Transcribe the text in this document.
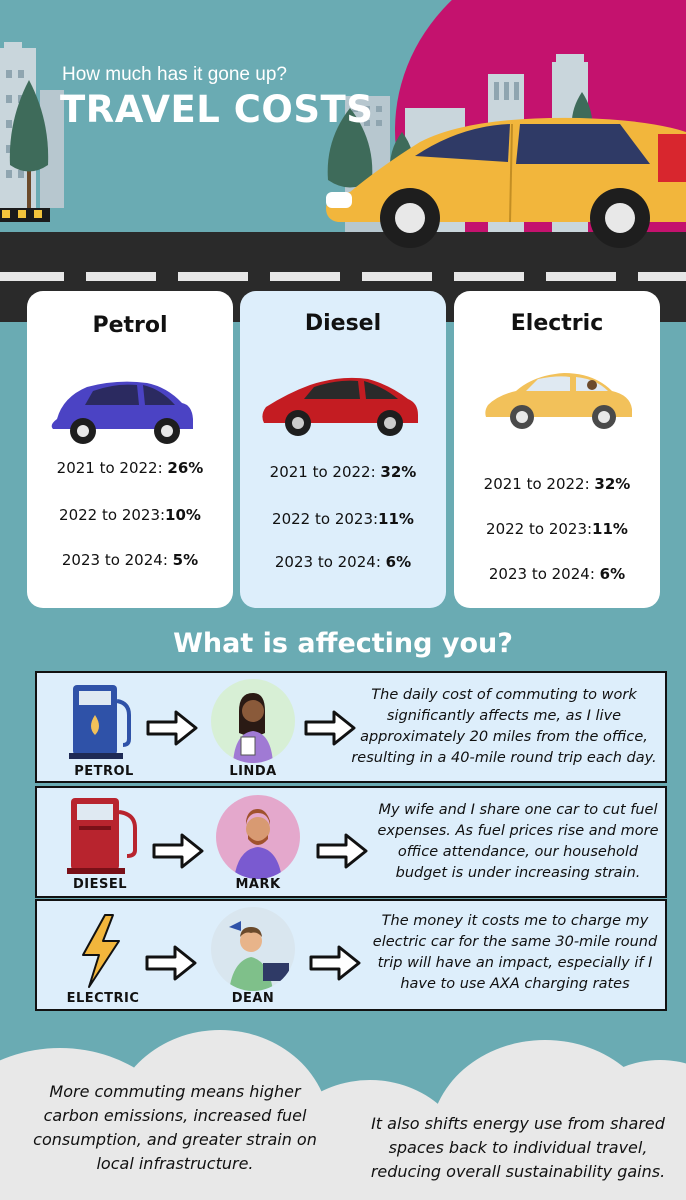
How much has it gone up?
TRAVEL COSTS
Petrol
2021 to 2022: 26%
2022 to 2023:10%
2023 to 2024: 5%
Diesel
2021 to 2022: 32%
2022 to 2023:11%
2023 to 2024: 6%
Electric
2021 to 2022: 32%
2022 to 2023:11%
2023 to 2024: 6%
What is affecting you?
PETROL	LINDA
The daily cost of commuting to work significantly affects me, as I live approximately 20 miles from the office, resulting in a 40-mile round trip each day.
DIESEL	MARK
My wife and I share one car to cut fuel expenses. As fuel prices rise and more office attendance, our household budget is under increasing strain.
ELECTRIC	DEAN
The money it costs me to charge my electric car for the same 30-mile round trip will have an impact, especially if I have to use AXA charging rates
More commuting means higher carbon emissions, increased fuel consumption, and greater strain on local infrastructure.
It also shifts energy use from shared spaces back to individual travel, reducing overall sustainability gains.
